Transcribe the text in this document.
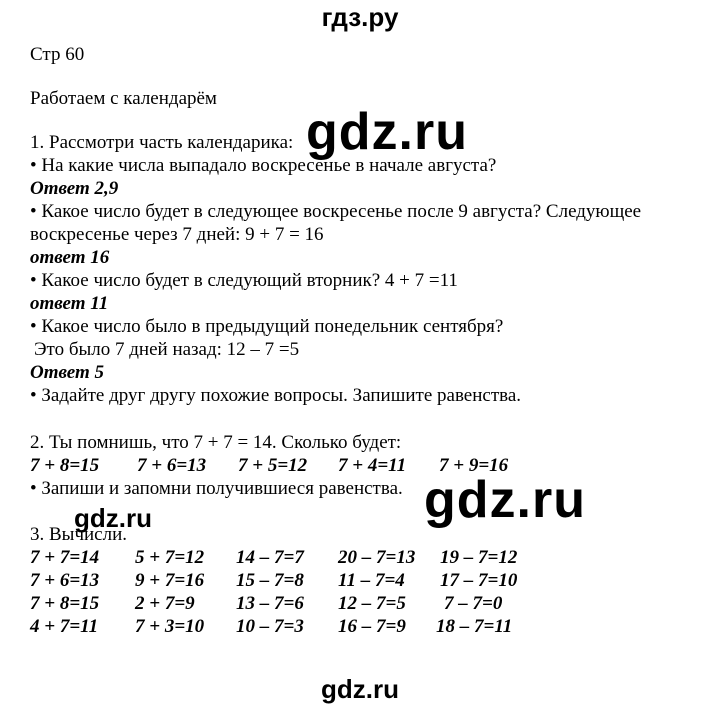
гдз.ру
Стр 60
Работаем с календарём
1. Рассмотри часть календарика: gdz.ru
• На какие числа выпадало воскресенье в начале августа?
Ответ 2,9
• Какое число будет в следующее воскресенье после 9 августа? Следующее
воскресенье через 7 дней: 9 + 7 = 16
ответ 16
• Какое число будет в следующий вторник? 4 + 7 =11
ответ 11
• Какое число было в предыдущий понедельник сентября?
Это было 7 дней назад: 12 – 7 =5
Ответ 5
• Задайте друг другу похожие вопросы. Запишите равенства.
2. Ты помнишь, что 7 + 7 = 14. Сколько будет:
7 + 8=15 7 + 6=13 7 + 5=12 7 + 4=11 7 + 9=16
• Запиши и запомни получившиеся равенства. gdz.ru
gdz.ru
3. Вычисли.
7 + 7=14 5 + 7=12 14 – 7=7 20 – 7=13 19 – 7=12
7 + 6=13 9 + 7=16 15 – 7=8 11 – 7=4 17 – 7=10
7 + 8=15 2 + 7=9 13 – 7=6 12 – 7=5 7 – 7=0
4 + 7=11 7 + 3=10 10 – 7=3 16 – 7=9 18 – 7=11
gdz.ru
